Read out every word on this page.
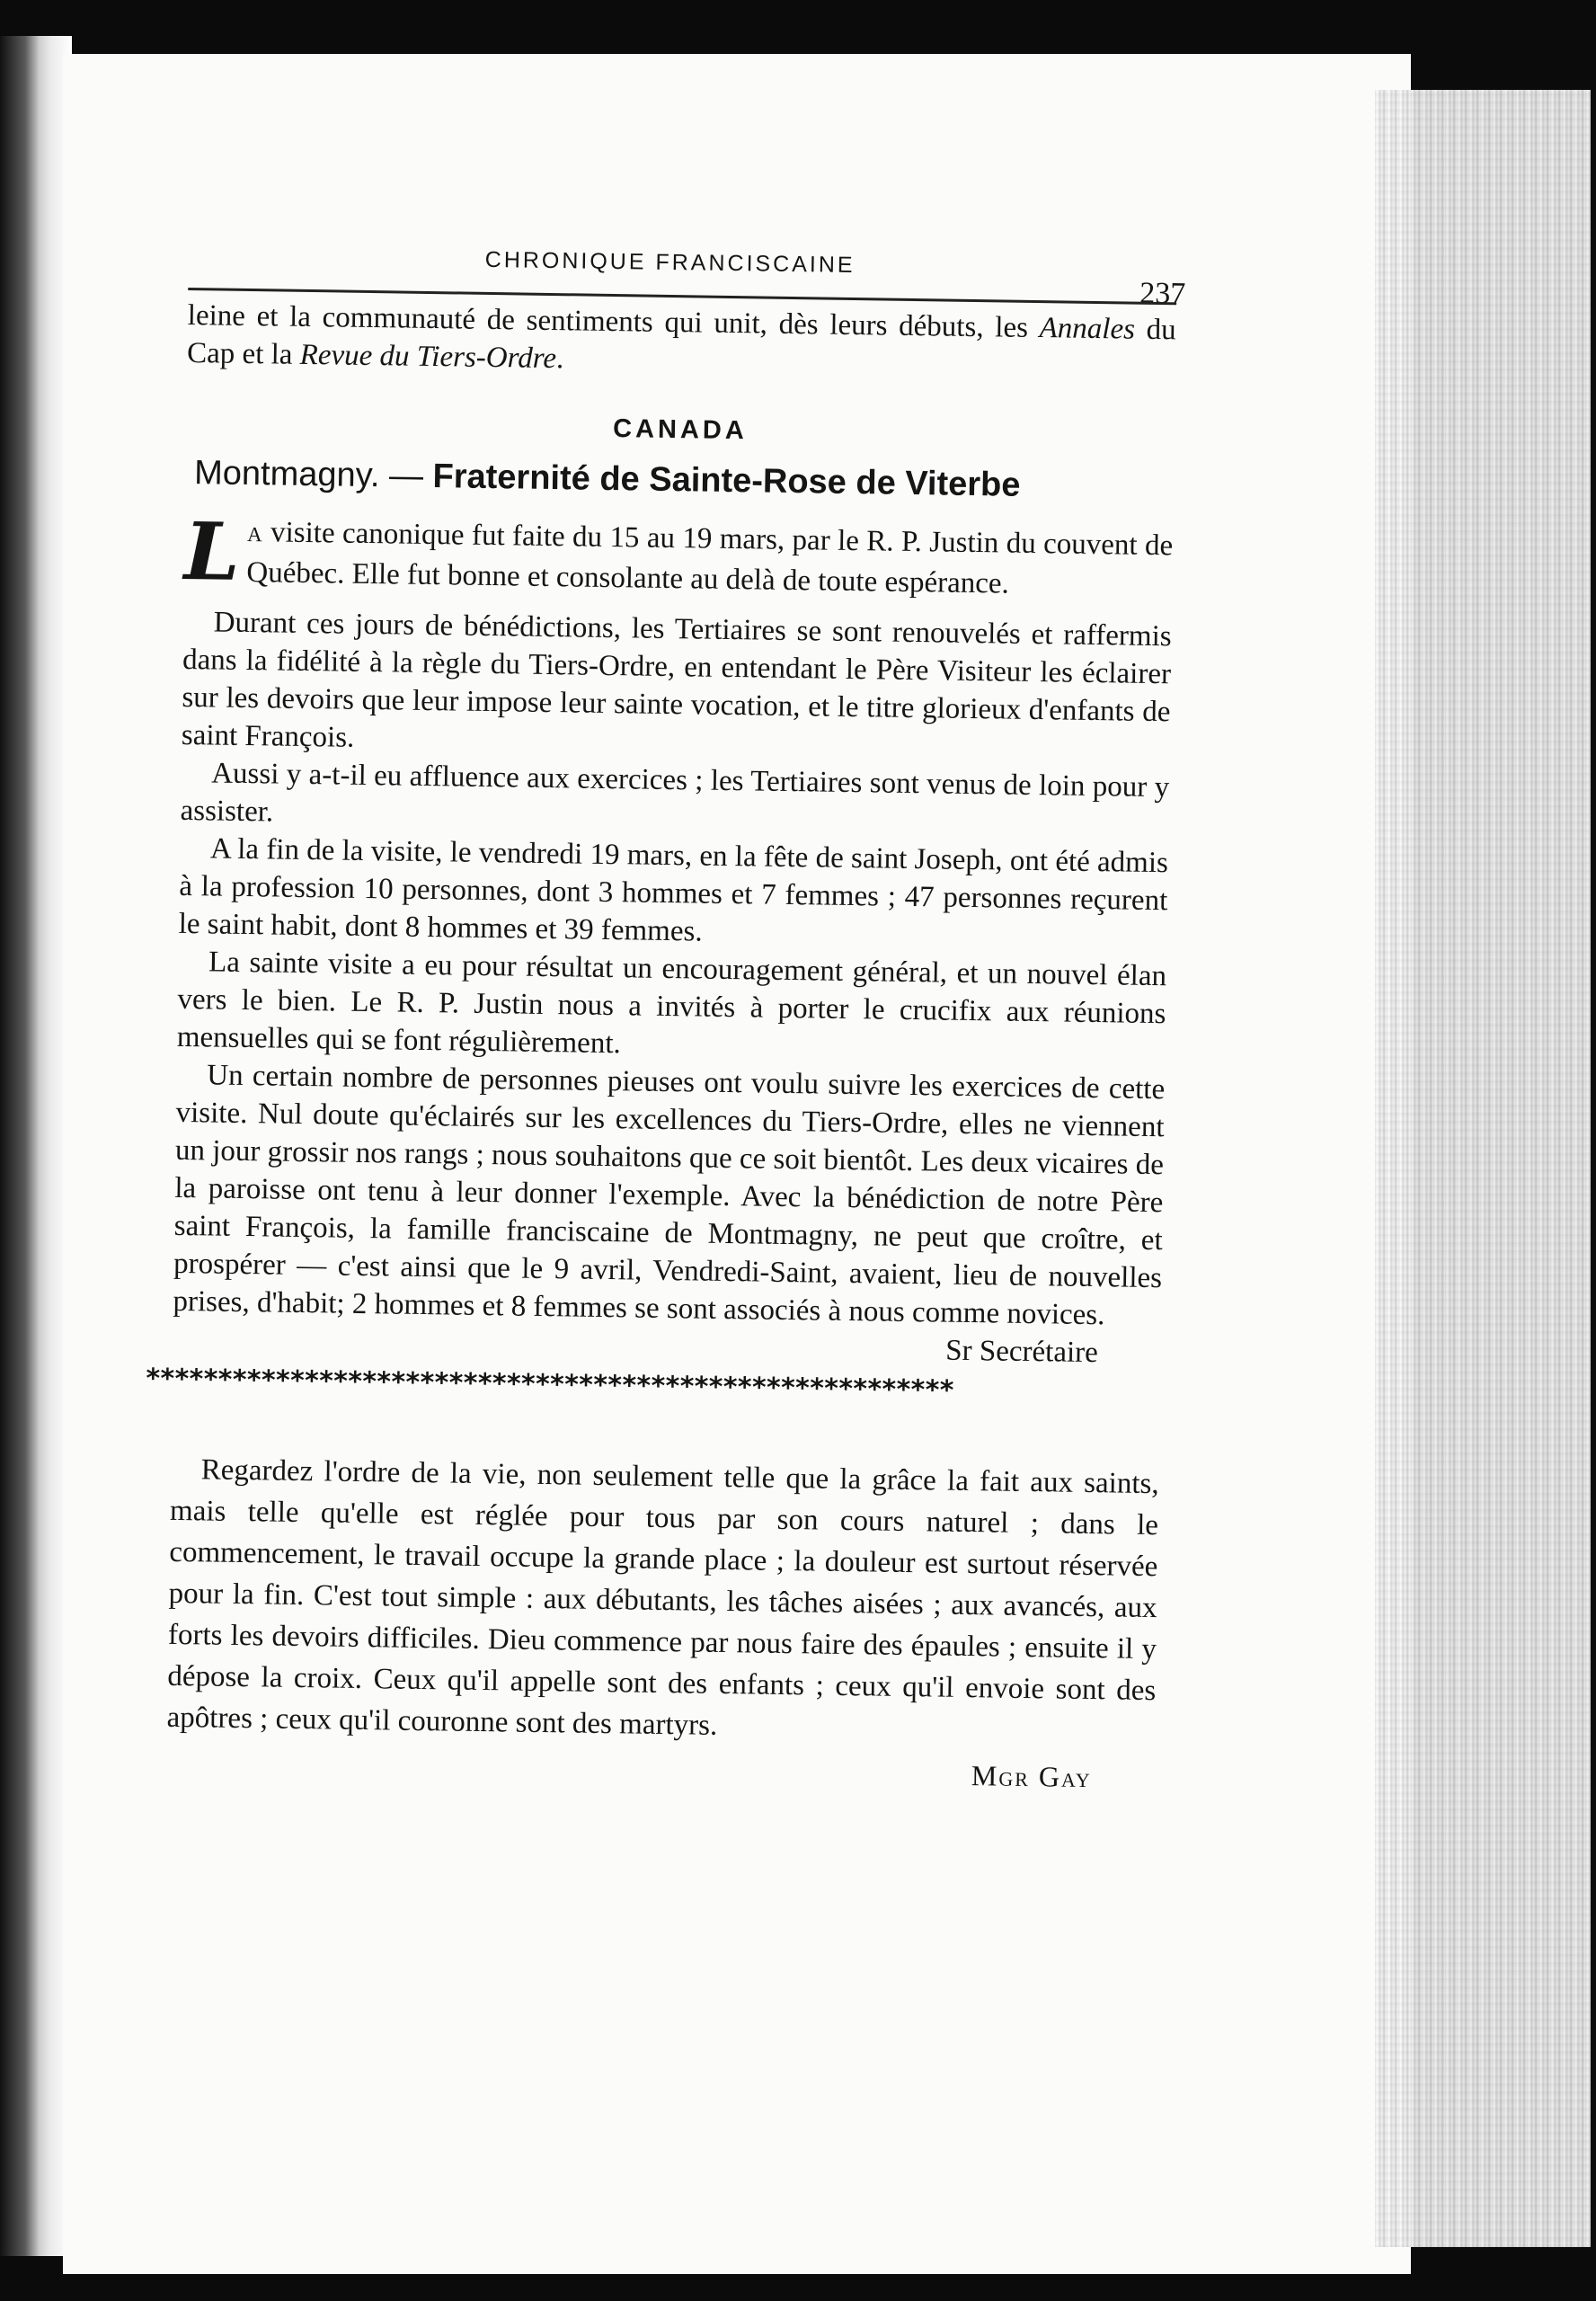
CHRONIQUE FRANCISCAINE
237

leine et la communauté de sentiments qui unit, dès leurs débuts, les Annales du Cap et la Revue du Tiers-Ordre.

CANADA
Montmagny. — Fraternité de Sainte-Rose de Viterbe

L A visite canonique fut faite du 15 au 19 mars, par le R. P. Justin du couvent de Québec. Elle fut bonne et consolante au delà de toute espérance.

Durant ces jours de bénédictions, les Tertiaires se sont renouvelés et raffermis dans la fidélité à la règle du Tiers-Ordre, en entendant le Père Visiteur les éclairer sur les devoirs que leur impose leur sainte vocation, et le titre glorieux d'enfants de saint François.

Aussi y a-t-il eu affluence aux exercices ; les Tertiaires sont venus de loin pour y assister.

A la fin de la visite, le vendredi 19 mars, en la fête de saint Joseph, ont été admis à la profession 10 personnes, dont 3 hommes et 7 femmes ; 47 personnes reçurent le saint habit, dont 8 hommes et 39 femmes.

La sainte visite a eu pour résultat un encouragement général, et un nouvel élan vers le bien. Le R. P. Justin nous a invités à porter le crucifix aux réunions mensuelles qui se font régulièrement.

Un certain nombre de personnes pieuses ont voulu suivre les exercices de cette visite. Nul doute qu'éclairés sur les excellences du Tiers-Ordre, elles ne viennent un jour grossir nos rangs ; nous souhaitons que ce soit bientôt. Les deux vicaires de la paroisse ont tenu à leur donner l'exemple. Avec la bénédiction de notre Père saint François, la famille franciscaine de Montmagny, ne peut que croître, et prospérer — c'est ainsi que le 9 avril, Vendredi-Saint, avaient, lieu de nouvelles prises, d'habit; 2 hommes et 8 femmes se sont associés à nous comme novices.

Sr Secrétaire
********************************************************

Regardez l'ordre de la vie, non seulement telle que la grâce la fait aux saints, mais telle qu'elle est réglée pour tous par son cours naturel ; dans le commencement, le travail occupe la grande place ; la douleur est surtout réservée pour la fin. C'est tout simple : aux débutants, les tâches aisées ; aux avancés, aux forts les devoirs difficiles. Dieu commence par nous faire des épaules ; ensuite il y dépose la croix. Ceux qu'il appelle sont des enfants ; ceux qu'il envoie sont des apôtres ; ceux qu'il couronne sont des martyrs.

Mgr Gay
